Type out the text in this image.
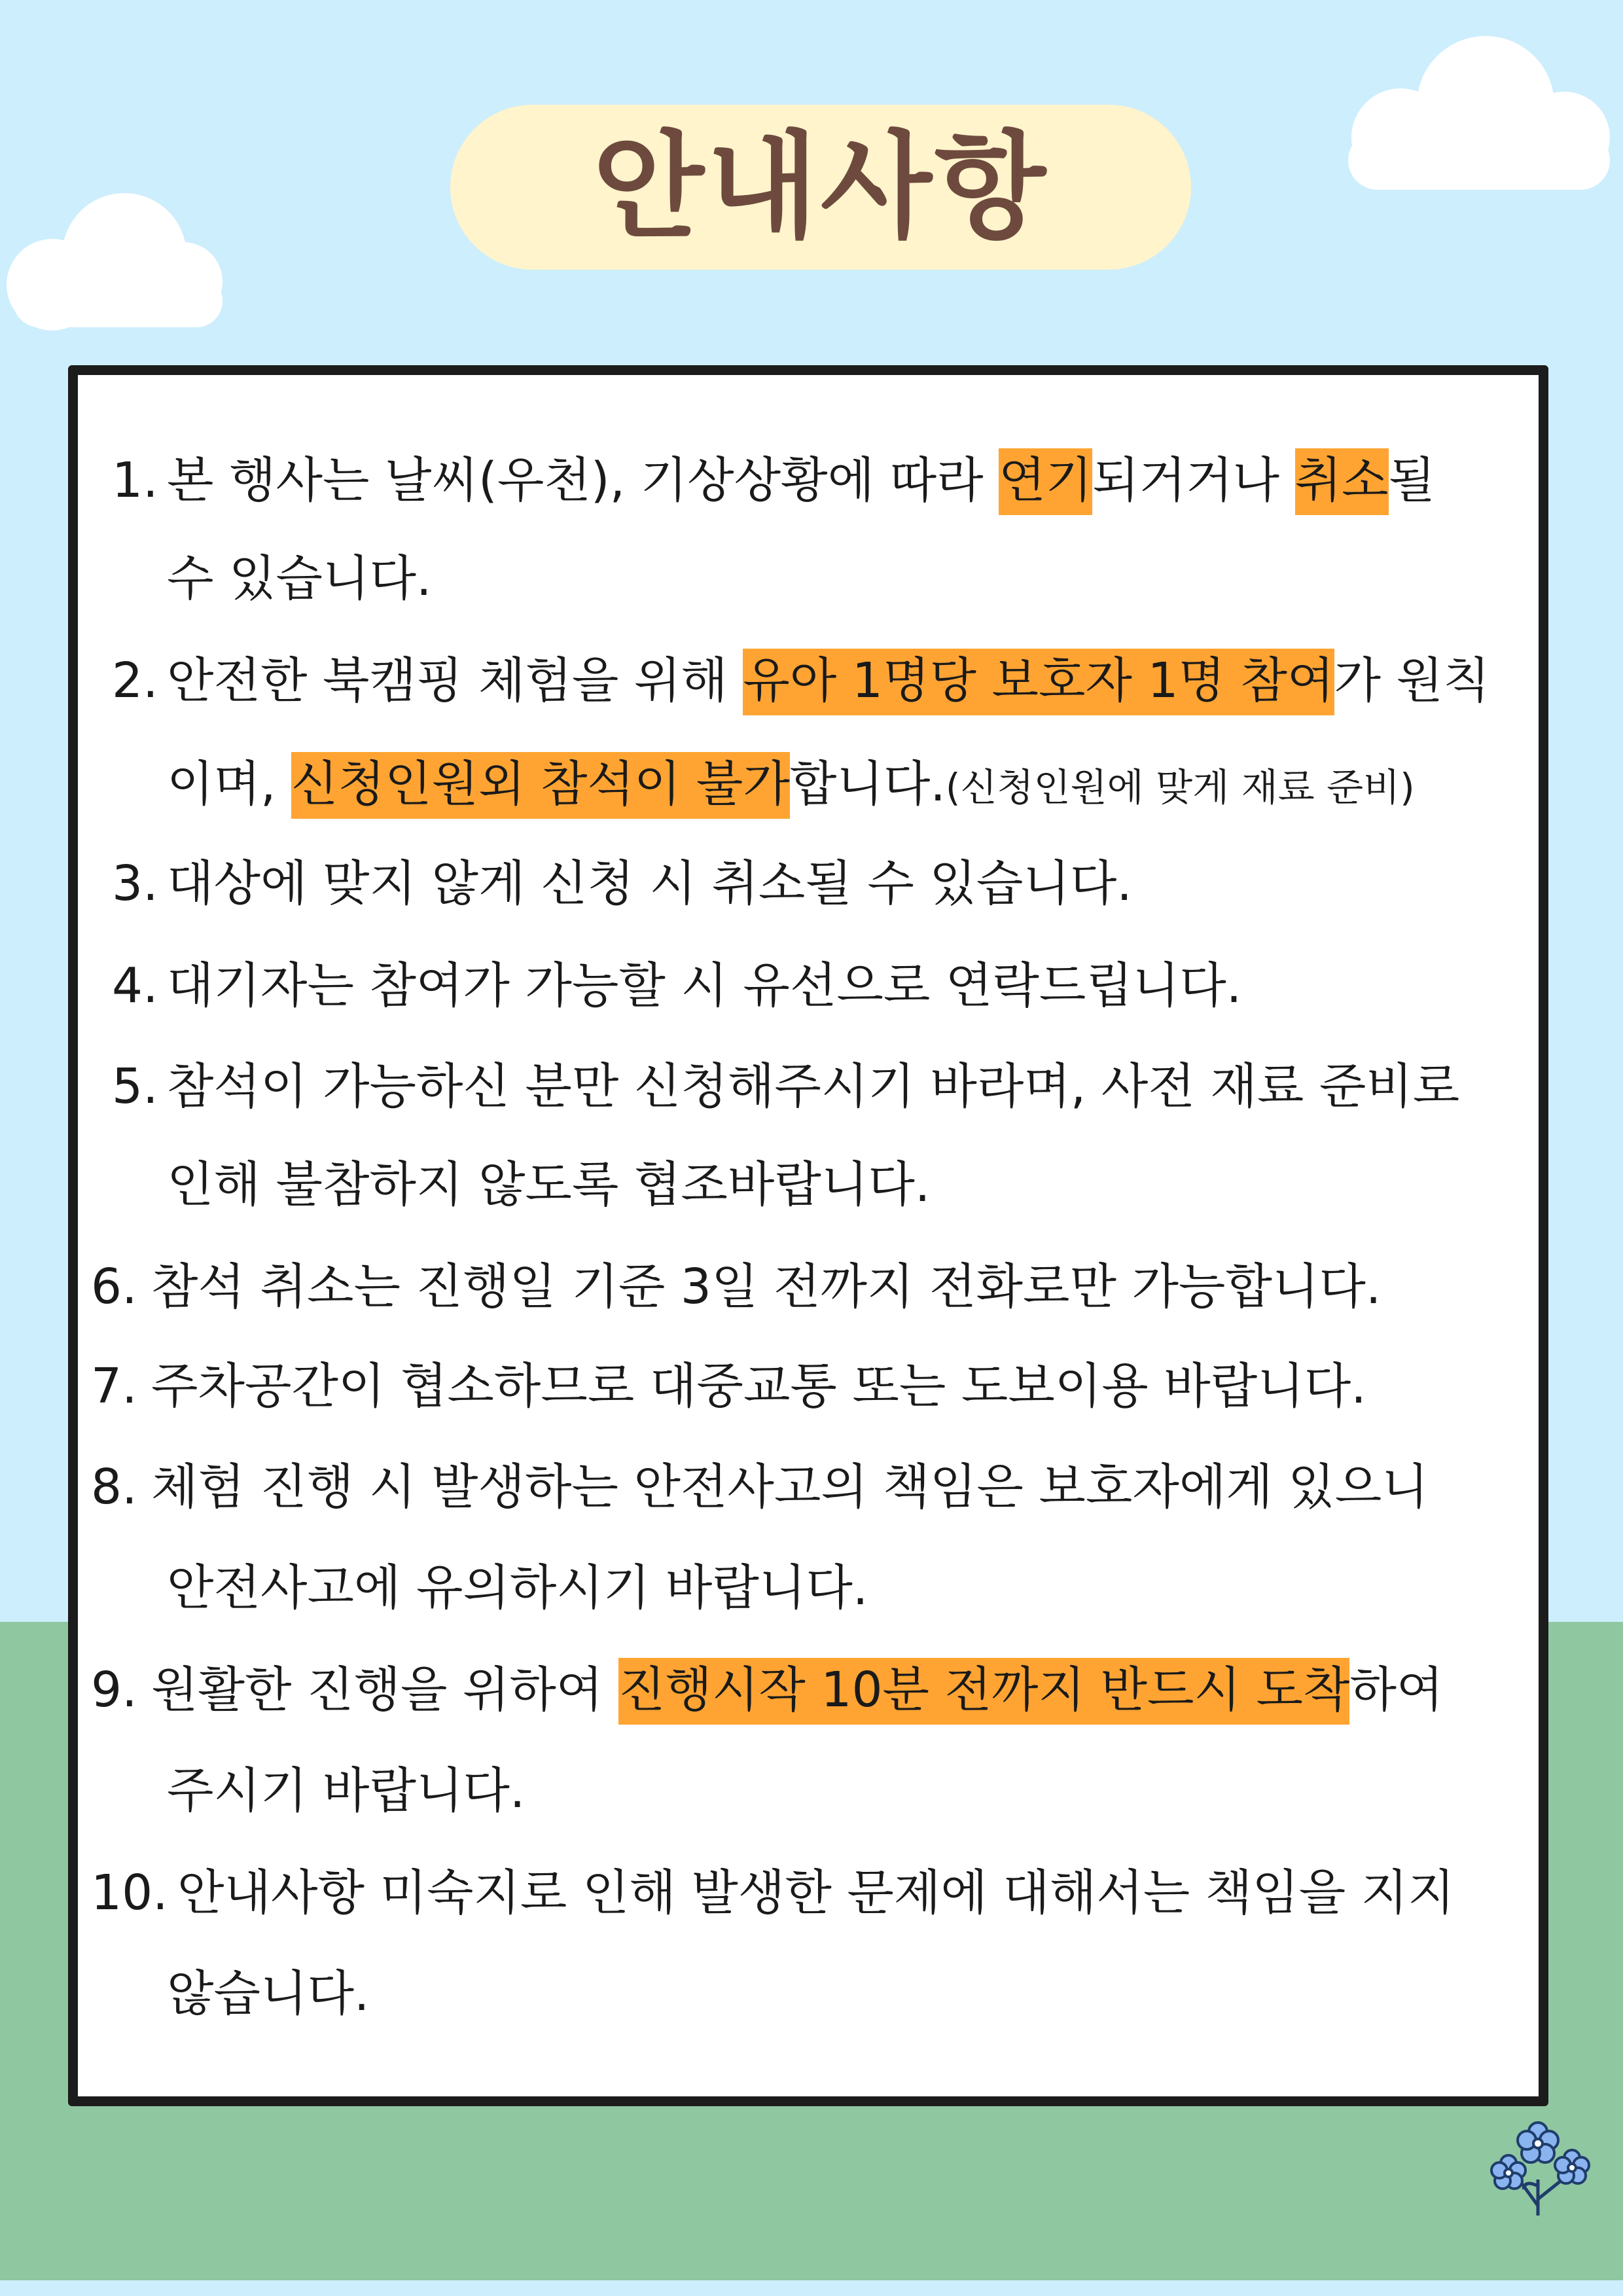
안내사항
1. 본 행사는 날씨(우천), 기상상황에 따라 연기되거거나 취소될
수 있습니다.
2. 안전한 북캠핑 체험을 위해 유아 1명당 보호자 1명 참여가 원칙
이며, 신청인원외 참석이 불가합니다.(신청인원에 맞게 재료 준비)
3. 대상에 맞지 않게 신청 시 취소될 수 있습니다.
4. 대기자는 참여가 가능할 시 유선으로 연락드립니다.
5. 참석이 가능하신 분만 신청해주시기 바라며, 사전 재료 준비로
인해 불참하지 않도록 협조바랍니다.
6. 참석 취소는 진행일 기준 3일 전까지 전화로만 가능합니다.
7. 주차공간이 협소하므로 대중교통 또는 도보이용 바랍니다.
8. 체험 진행 시 발생하는 안전사고의 책임은 보호자에게 있으니
안전사고에 유의하시기 바랍니다.
9. 원활한 진행을 위하여 진행시작 10분 전까지 반드시 도착하여
주시기 바랍니다.
10. 안내사항 미숙지로 인해 발생한 문제에 대해서는 책임을 지지
않습니다.
